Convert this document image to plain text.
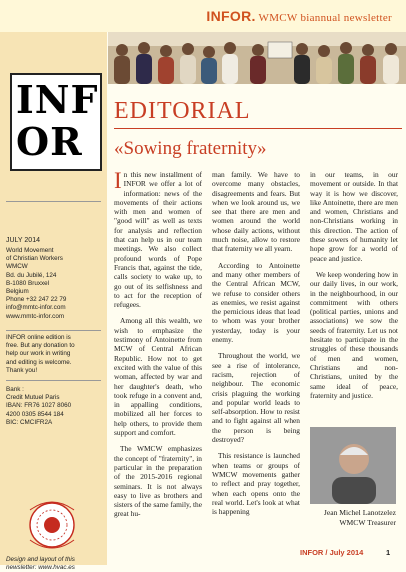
INFOR. WMCW biannual newsletter
INF
OR
JULY 2014
World Movement
of Christian Workers
WMCW
Bd. du Jubilé, 124
B-1080 Bruxxel
Belgium
Phone +32 247 22 79
info@mmtc-infor.com
www.mmtc-infor.com
INFOR online edition is
free. But any donation to
help our work in writing
and editing is welcome.
Thank you!
Bank :
Credit Mutuel Paris
IBAN: FR76 1027 8060
4200 0305 8544 184
BIC: CMCIFR2A
Design and layout of this
newsletter: www.hvac.es
EDITORIAL
«Sowing fraternity»

In this new installment of INFOR we offer a lot of information: news of the movements of their actions with men and women of "good will" as well as texts for analysis and reflection that can help us in our team meetings. We also collect profound words of Pope Francis that, against the tide, calls society to wake up, to go out of its selfishness and to act for the reception of refugees.

Among all this wealth, we wish to emphasize the testimony of Antoinette from MCW of Central African Republic. How not to get excited with the value of this woman, affected by war and her daughter's death, who took refuge in a convent and, in appalling conditions, mobilized all her forces to help others, to provide them support and comfort.

The WMCW emphasizes the concept of "fraternity", in particular in the preparation of the 2015-2016 regional seminars. It is not always easy to live as brothers and sisters of the same family, the great hu-

man family. We have to overcome many obstacles, disagreements and fears. But when we look around us, we see that there are men and women around the world whose daily actions, without much noise, allow to restore that fraternity we all yearn.

According to Antoinette and many other members of the Central African MCW, we refuse to consider others as enemies, we resist against the pernicious ideas that lead to whom was your brother yesterday, today is your enemy.

Throughout the world, we see a rise of intolerance, racism, rejection of neighbour. The economic crisis plaguing the working and popular world leads to self-absorption. How to resist and to fight against all when the person is being destroyed?

This resistance is launched when teams or groups of WMCW movements gather to reflect and pray together, when each opens onto the real world. Let's look at what is happening

in our teams, in our movement or outside. In that way it is how we discover, like Antoinette, there are men and women, Christians and non-Christians working in this direction. The action of these sowers of humanity let hope grow for a world of peace and justice.

We keep wondering how in our daily lives, in our work, in the neighbourhood, in our commitment with others (political parties, unions and associations) we sow the seeds of fraternity. Let us not hesitate to participate in the struggles of these thousands of men and women, Christians and non-Christians, united by the same ideal of peace, fraternity and justice.

Jean Michel Lanotzelez
WMCW Treasurer
INFOR / July 2014	1
